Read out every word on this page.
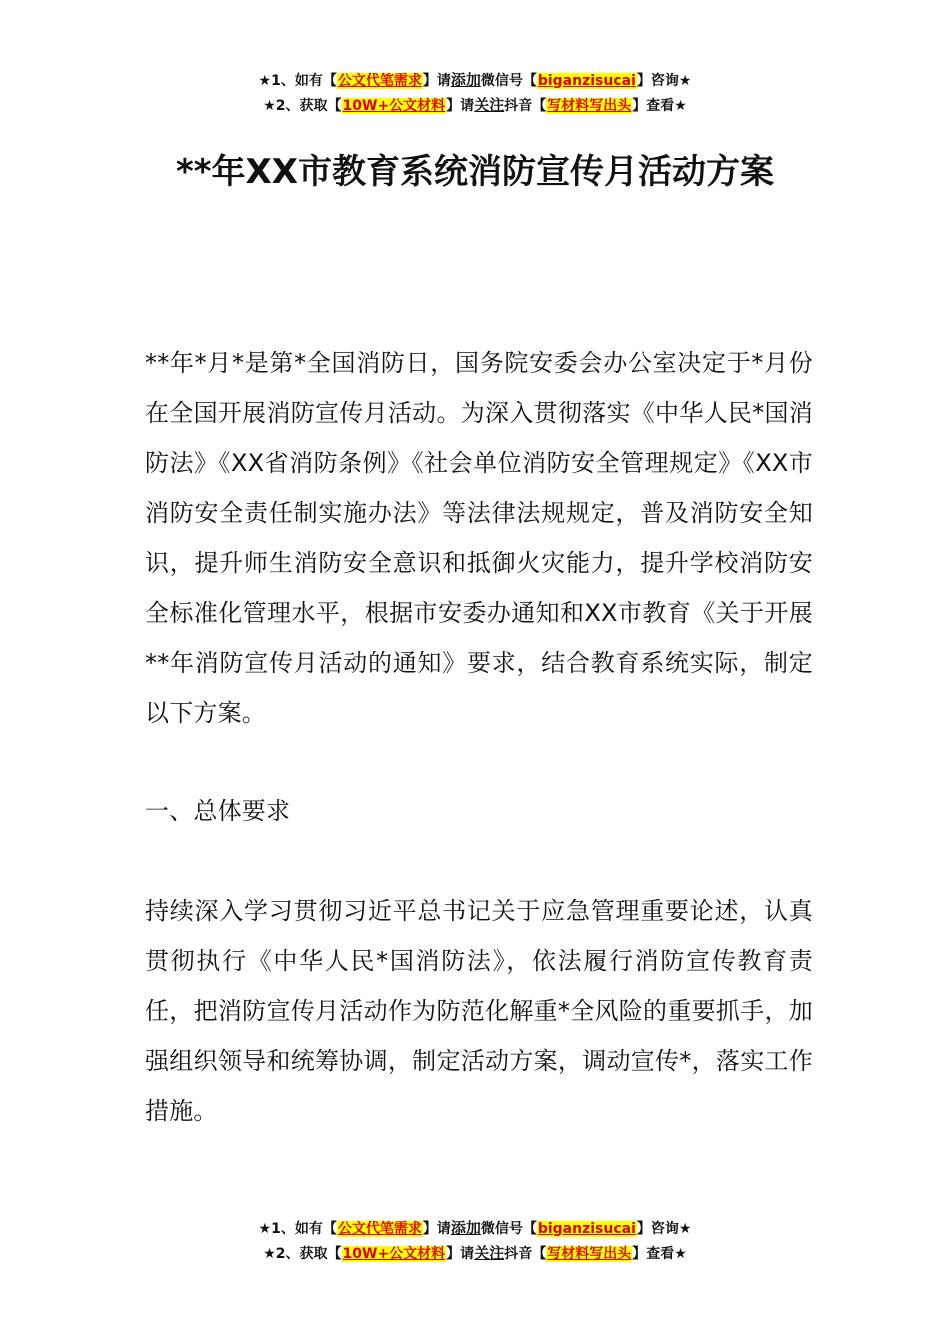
★1、如有【公文代笔需求】请添加微信号【biganzisucai】咨询★
★2、获取【10W+公文材料】请关注抖音【写材料写出头】查看★
**年XX市教育系统消防宣传月活动方案

**年*月*是第*全国消防日，国务院安委会办公室决定于*月份在全国开展消防宣传月活动。为深入贯彻落实《中华人民*国消防法》《XX省消防条例》《社会单位消防安全管理规定》《XX市消防安全责任制实施办法》等法律法规规定，普及消防安全知识，提升师生消防安全意识和抵御火灾能力，提升学校消防安全标准化管理水平，根据市安委办通知和XX市教育《关于开展**年消防宣传月活动的通知》要求，结合教育系统实际，制定以下方案。

一、总体要求

持续深入学习贯彻习近平总书记关于应急管理重要论述，认真贯彻执行《中华人民*国消防法》，依法履行消防宣传教育责任，把消防宣传月活动作为防范化解重*全风险的重要抓手，加强组织领导和统筹协调，制定活动方案，调动宣传*，落实工作措施。

★1、如有【公文代笔需求】请添加微信号【biganzisucai】咨询★
★2、获取【10W+公文材料】请关注抖音【写材料写出头】查看★
